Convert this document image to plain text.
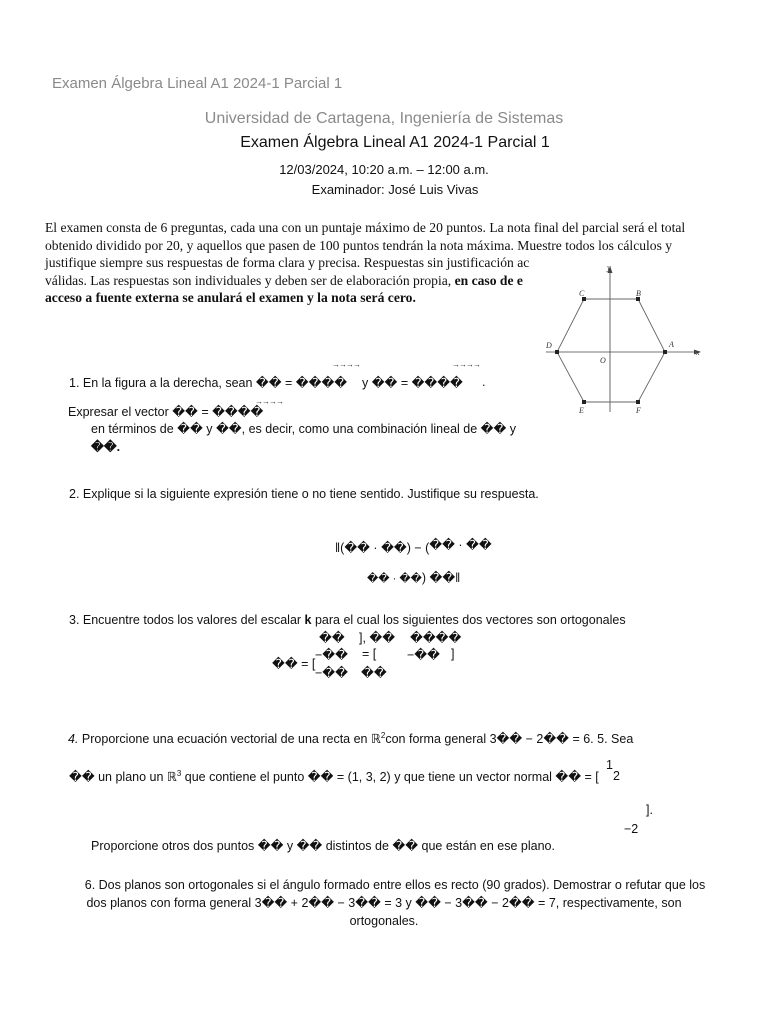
Examen Álgebra Lineal A1 2024-1 Parcial 1
Universidad de Cartagena, Ingeniería de Sistemas
Examen Álgebra Lineal A1 2024-1 Parcial 1
12/03/2024, 10:20 a.m. – 12:00 a.m.
Examinador: José Luis Vivas
El examen consta de 6 preguntas, cada una con un puntaje máximo de 20 puntos. La nota final del parcial será el total
obtenido dividido por 20, y aquellos que pasen de 100 puntos tendrán la nota máxima. Muestre todos los cálculos y
justifique siempre sus respuestas de forma clara y precisa. Respuestas sin justificación ac
válidas. Las respuestas son individuales y deben ser de elaboración propia, en caso de e
acceso a fuente externa se anulará el examen y la nota será cero.
y
x
C	B
D
O
A
E	F
→→→→	→→→→
1. En la figura a la derecha, sean �� = ���� y �� = ���� .
→→→→
Expresar el vector �� = ����
en términos de �� y ��, es decir, como una combinación lineal de �� y
��.
2. Explique si la siguiente expresión tiene o no tiene sentido. Justifique su respuesta.
‖(�� · ��) − (�� · ��
�� · ��) ��‖
3. Encuentre todos los valores del escalar k para el cual los siguientes dos vectores son ortogonales
�� ], �� ����
−�� = [ −�� ]
�� = [
−�� ��
4. Proporcione una ecuación vectorial de una recta en ℝ$^2$con forma general 3�� − 2�� = 6. 5. Sea
�� un plano un ℝ$^3$ que contiene el punto �� = (1, 3, 2) y que tiene un vector normal �� = [
1
2
].
−2
Proporcione otros dos puntos �� y �� distintos de �� que están en ese plano.
6. Dos planos son ortogonales si el ángulo formado entre ellos es recto (90 grados). Demostrar o refutar que los
dos planos con forma general 3�� + 2�� − 3�� = 3 y �� − 3�� − 2�� = 7, respectivamente, son
ortogonales.
